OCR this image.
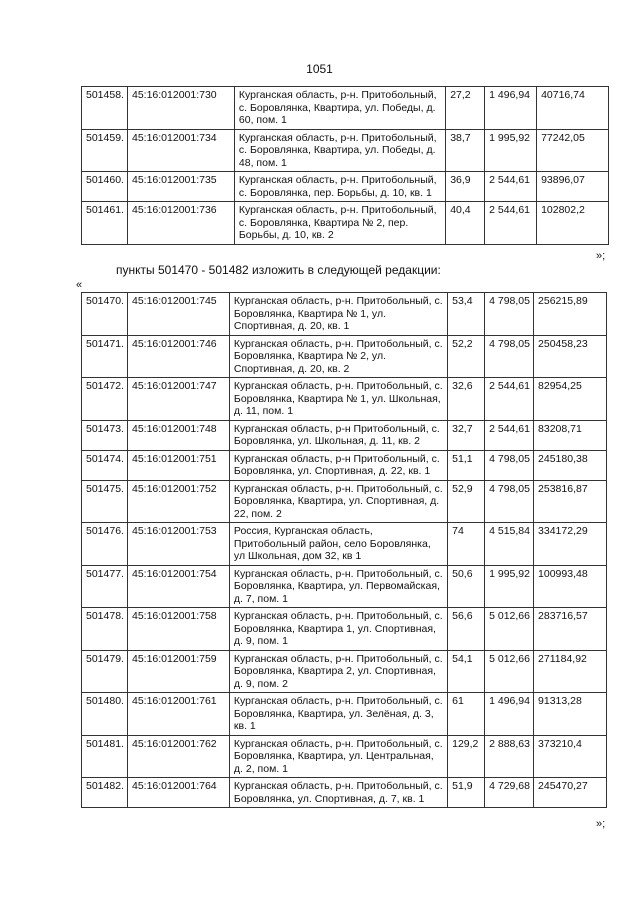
1051
501458.	45:16:012001:730	Курганская область, р-н. Притобольный, с. Боровлянка, Квартира, ул. Победы, д. 60, пом. 1	27,2	1 496,94	40716,74
501459.	45:16:012001:734	Курганская область, р-н. Притобольный, с. Боровлянка, Квартира, ул. Победы, д. 48, пом. 1	38,7	1 995,92	77242,05
501460.	45:16:012001:735	Курганская область, р-н. Притобольный, с. Боровлянка, пер. Борьбы, д. 10, кв. 1	36,9	2 544,61	93896,07
501461.	45:16:012001:736	Курганская область, р-н. Притобольный, с. Боровлянка, Квартира № 2, пер. Борьбы, д. 10, кв. 2	40,4	2 544,61	102802,2
»;
пункты 501470 - 501482 изложить в следующей редакции:
«
501470.	45:16:012001:745	Курганская область, р-н. Притобольный, с. Боровлянка, Квартира № 1, ул. Спортивная, д. 20, кв. 1	53,4	4 798,05	256215,89
501471.	45:16:012001:746	Курганская область, р-н. Притобольный, с. Боровлянка, Квартира № 2, ул. Спортивная, д. 20, кв. 2	52,2	4 798,05	250458,23
501472.	45:16:012001:747	Курганская область, р-н. Притобольный, с. Боровлянка, Квартира № 1, ул. Школьная, д. 11, пом. 1	32,6	2 544,61	82954,25
501473.	45:16:012001:748	Курганская область, р-н Притобольный, с. Боровлянка, ул. Школьная, д. 11, кв. 2	32,7	2 544,61	83208,71
501474.	45:16:012001:751	Курганская область, р-н Притобольный, с. Боровлянка, ул. Спортивная, д. 22, кв. 1	51,1	4 798,05	245180,38
501475.	45:16:012001:752	Курганская область, р-н. Притобольный, с. Боровлянка, Квартира, ул. Спортивная, д. 22, пом. 2	52,9	4 798,05	253816,87
501476.	45:16:012001:753	Россия, Курганская область, Притобольный район, село Боровлянка, ул Школьная, дом 32, кв 1	74	4 515,84	334172,29
501477.	45:16:012001:754	Курганская область, р-н. Притобольный, с. Боровлянка, Квартира, ул. Первомайская, д. 7, пом. 1	50,6	1 995,92	100993,48
501478.	45:16:012001:758	Курганская область, р-н. Притобольный, с. Боровлянка, Квартира 1, ул. Спортивная, д. 9, пом. 1	56,6	5 012,66	283716,57
501479.	45:16:012001:759	Курганская область, р-н. Притобольный, с. Боровлянка, Квартира 2, ул. Спортивная, д. 9, пом. 2	54,1	5 012,66	271184,92
501480.	45:16:012001:761	Курганская область, р-н. Притобольный, с. Боровлянка, Квартира, ул. Зелёная, д. 3, кв. 1	61	1 496,94	91313,28
501481.	45:16:012001:762	Курганская область, р-н. Притобольный, с. Боровлянка, Квартира, ул. Центральная, д. 2, пом. 1	129,2	2 888,63	373210,4
501482.	45:16:012001:764	Курганская область, р-н. Притобольный, с. Боровлянка, ул. Спортивная, д. 7, кв. 1	51,9	4 729,68	245470,27
»;
